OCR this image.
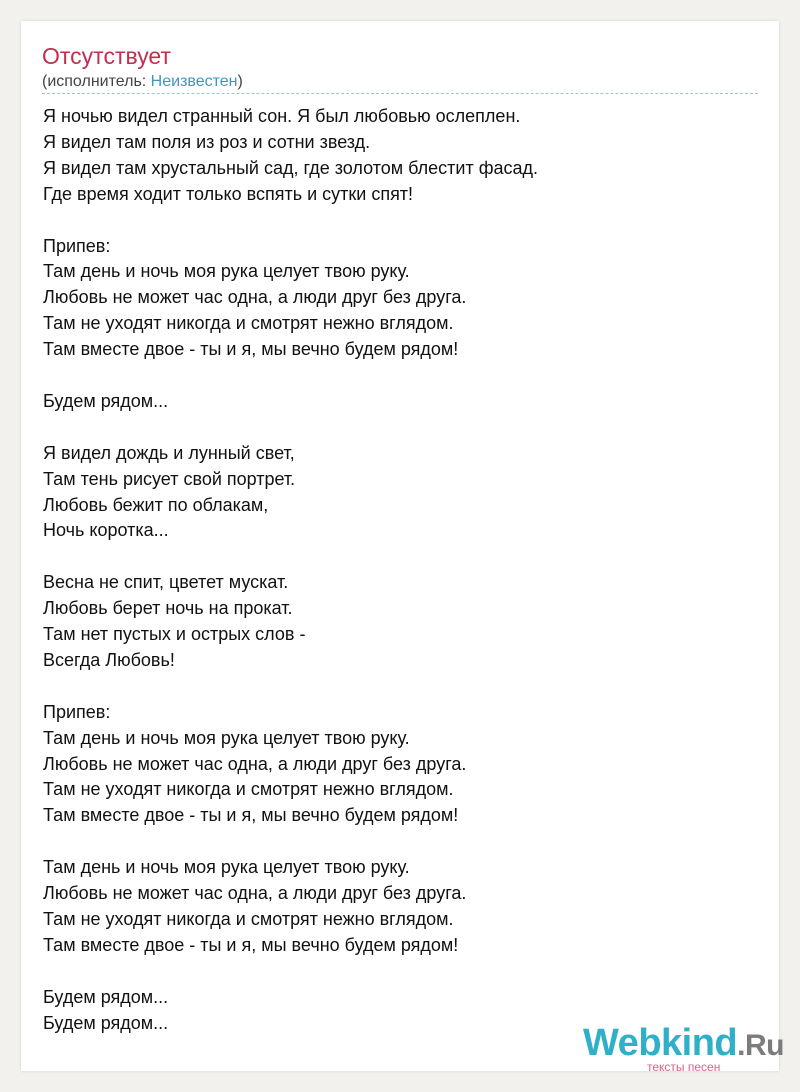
Отсутствует
(исполнитель: Неизвестен)
Я ночью видел странный сон. Я был любовью ослеплен.
Я видел там поля из роз и сотни звезд.
Я видел там хрустальный сад, где золотом блестит фасад.
Где время ходит только вспять и сутки спят!
Припев:
Там день и ночь моя рука целует твою руку.
Любовь не может час одна, а люди друг без друга.
Там не уходят никогда и смотрят нежно вглядом.
Там вместе двое - ты и я, мы вечно будем рядом!
Будем рядом...
Я видел дождь и лунный свет,
Там тень рисует свой портрет.
Любовь бежит по облакам,
Ночь коротка...
Весна не спит, цветет мускат.
Любовь берет ночь на прокат.
Там нет пустых и острых слов -
Всегда Любовь!
Припев:
Там день и ночь моя рука целует твою руку.
Любовь не может час одна, а люди друг без друга.
Там не уходят никогда и смотрят нежно вглядом.
Там вместе двое - ты и я, мы вечно будем рядом!
Там день и ночь моя рука целует твою руку.
Любовь не может час одна, а люди друг без друга.
Там не уходят никогда и смотрят нежно вглядом.
Там вместе двое - ты и я, мы вечно будем рядом!
Будем рядом...
Будем рядом...	Webkind.Ru
тексты песен
